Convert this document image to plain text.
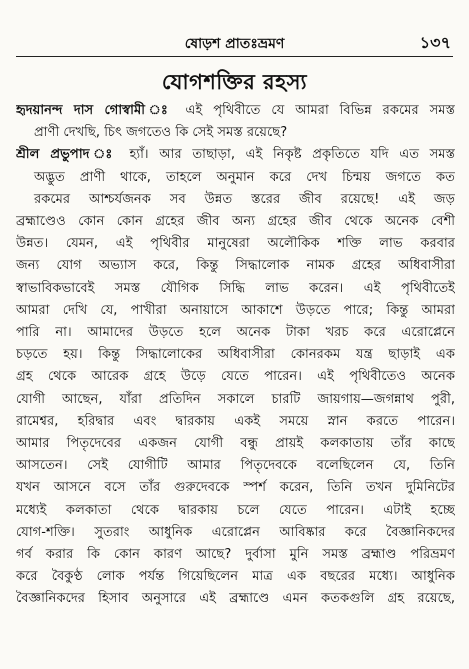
ষোড়শ প্রাতঃভ্রমণ	১৩৭
যোগশক্তির রহস্য
হৃদয়ানন্দ দাস গোস্বামী ঃ এই পৃথিবীতে যে আমরা বিভিন্ন রকমের সমস্ত
প্রাণী দেখছি, চিৎ জগতেও কি সেই সমস্ত রয়েছে?
শ্রীল প্রভুপাদ ঃ হ্যাঁ। আর তাছাড়া, এই নিকৃষ্ট প্রকৃতিতে যদি এত সমস্ত
অদ্ভুত প্রাণী থাকে, তাহলে অনুমান করে দেখ চিন্ময় জগতে কত
রকমের আশ্চর্যজনক সব উন্নত স্তরের জীব রয়েছে! এই জড়
ব্রহ্মাণ্ডেও কোন কোন গ্রহের জীব অন্য গ্রহের জীব থেকে অনেক বেশী
উন্নত। যেমন, এই পৃথিবীর মানুষেরা অলৌকিক শক্তি লাভ করবার
জন্য যোগ অভ্যাস করে, কিন্তু সিদ্ধালোক নামক গ্রহের অধিবাসীরা
স্বাভাবিকভাবেই সমস্ত যৌগিক সিদ্ধি লাভ করেন। এই পৃথিবীতেই
আমরা দেখি যে, পাখীরা অনায়াসে আকাশে উড়তে পারে; কিন্তু আমরা
পারি না। আমাদের উড়তে হলে অনেক টাকা খরচ করে এরোপ্লেনে
চড়তে হয়। কিন্তু সিদ্ধালোকের অধিবাসীরা কোনরকম যন্ত্র ছাড়াই এক
গ্রহ থেকে আরেক গ্রহে উড়ে যেতে পারেন। এই পৃথিবীতেও অনেক
যোগী আছেন, যাঁরা প্রতিদিন সকালে চারটি জায়গায়—জগন্নাথ পুরী,
রামেশ্বর, হরিদ্বার এবং দ্বারকায় একই সময়ে স্নান করতে পারেন।
আমার পিতৃদেবের একজন যোগী বন্ধু প্রায়ই কলকাতায় তাঁর কাছে
আসতেন। সেই যোগীটি আমার পিতৃদেবকে বলেছিলেন যে, তিনি
যখন আসনে বসে তাঁর গুরুদেবকে স্পর্শ করেন, তিনি তখন দুমিনিটের
মধ্যেই কলকাতা থেকে দ্বারকায় চলে যেতে পারেন। এটাই হচ্ছে
যোগ-শক্তি। সুতরাং আধুনিক এরোপ্লেন আবিষ্কার করে বৈজ্ঞানিকদের
গর্ব করার কি কোন কারণ আছে? দুর্বাসা মুনি সমস্ত ব্রহ্মাণ্ড পরিভ্রমণ
করে বৈকুণ্ঠ লোক পর্যন্ত গিয়েছিলেন মাত্র এক বছরের মধ্যে। আধুনিক
বৈজ্ঞানিকদের হিসাব অনুসারে এই ব্রহ্মাণ্ডে এমন কতকগুলি গ্রহ রয়েছে,
